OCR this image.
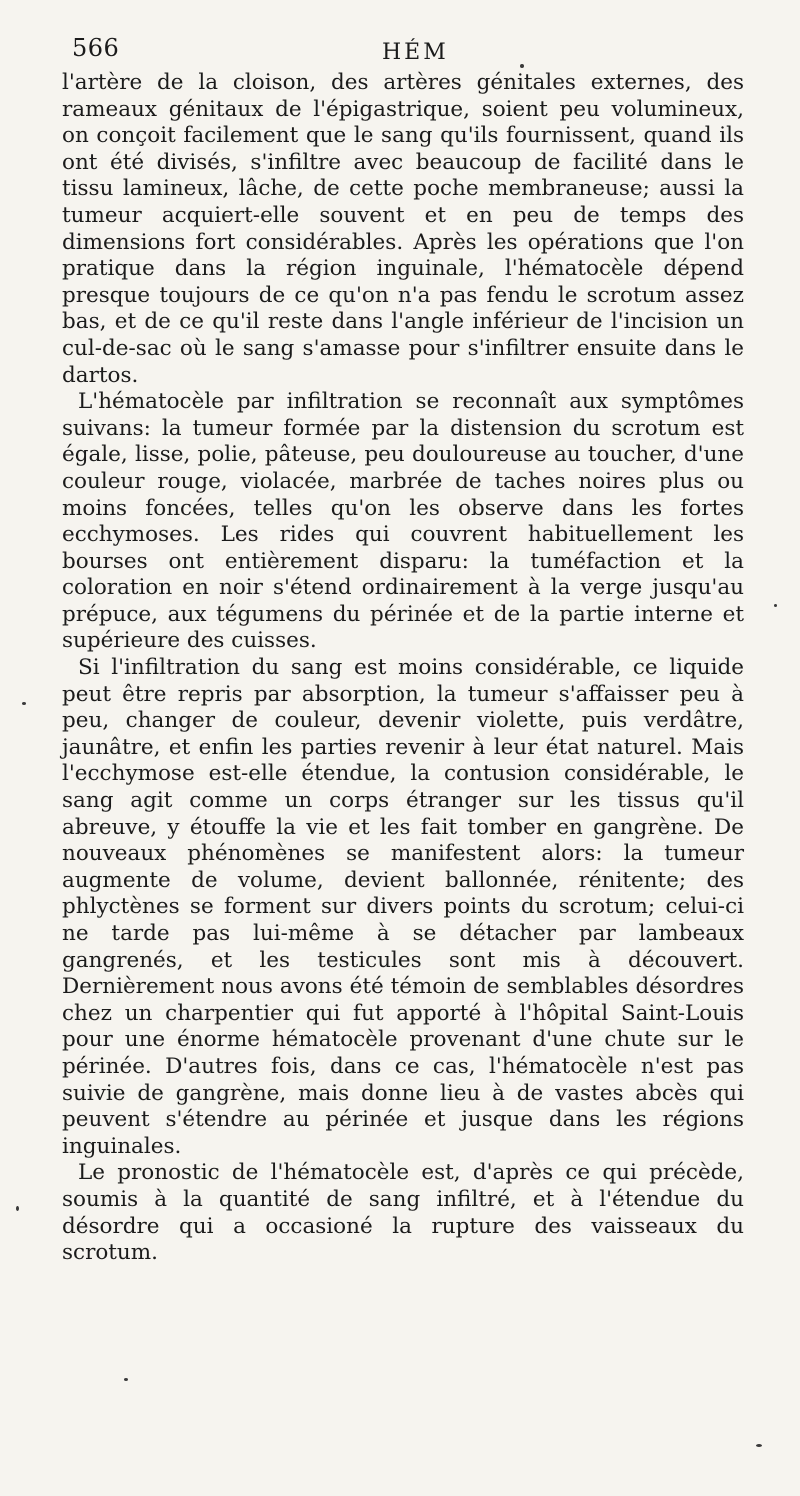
566	HÉM

l'artère de la cloison, des artères génitales externes, des rameaux génitaux de l'épigastrique, soient peu volumineux, on conçoit facilement que le sang qu'ils fournissent, quand ils ont été divisés, s'infiltre avec beaucoup de facilité dans le tissu lamineux, lâche, de cette poche membraneuse; aussi la tumeur acquiert-elle souvent et en peu de temps des dimensions fort considérables. Après les opérations que l'on pratique dans la région inguinale, l'hématocèle dépend presque toujours de ce qu'on n'a pas fendu le scrotum assez bas, et de ce qu'il reste dans l'angle inférieur de l'incision un cul-de-sac où le sang s'amasse pour s'infiltrer ensuite dans le dartos.

L'hématocèle par infiltration se reconnaît aux symptômes suivans: la tumeur formée par la distension du scrotum est égale, lisse, polie, pâteuse, peu douloureuse au toucher, d'une couleur rouge, violacée, marbrée de taches noires plus ou moins foncées, telles qu'on les observe dans les fortes ecchymoses. Les rides qui couvrent habituellement les bourses ont entièrement disparu: la tuméfaction et la coloration en noir s'étend ordinairement à la verge jusqu'au prépuce, aux tégumens du périnée et de la partie interne et supérieure des cuisses.

Si l'infiltration du sang est moins considérable, ce liquide peut être repris par absorption, la tumeur s'affaisser peu à peu, changer de couleur, devenir violette, puis verdâtre, jaunâtre, et enfin les parties revenir à leur état naturel. Mais l'ecchymose est-elle étendue, la contusion considérable, le sang agit comme un corps étranger sur les tissus qu'il abreuve, y étouffe la vie et les fait tomber en gangrène. De nouveaux phénomènes se manifestent alors: la tumeur augmente de volume, devient ballonnée, rénitente; des phlyctènes se forment sur divers points du scrotum; celui-ci ne tarde pas lui-même à se détacher par lambeaux gangrenés, et les testicules sont mis à découvert. Dernièrement nous avons été témoin de semblables désordres chez un charpentier qui fut apporté à l'hôpital Saint-Louis pour une énorme hématocèle provenant d'une chute sur le périnée. D'autres fois, dans ce cas, l'hématocèle n'est pas suivie de gangrène, mais donne lieu à de vastes abcès qui peuvent s'étendre au périnée et jusque dans les régions inguinales.

Le pronostic de l'hématocèle est, d'après ce qui précède, soumis à la quantité de sang infiltré, et à l'étendue du désordre qui a occasioné la rupture des vaisseaux du scrotum.
